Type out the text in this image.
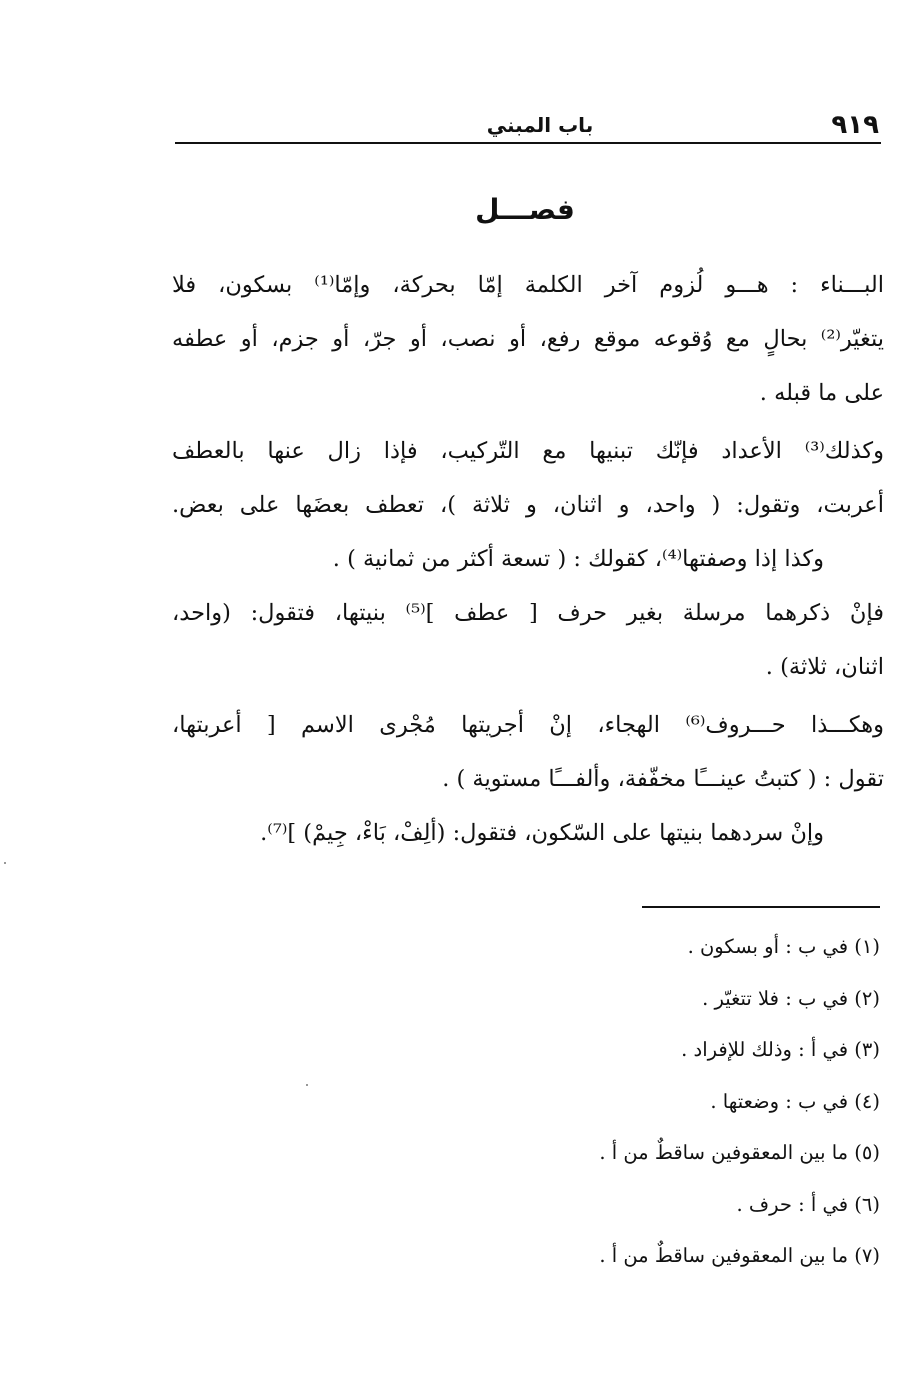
٩١٩
باب المبني
فصـــل
البـــناء : هـــو لُزوم آخر الكلمة إمّا بحركة، وإمّا⁽¹⁾ بسكون، فلا
يتغيّر⁽²⁾ بحالٍ مع وُقوعه موقع رفع، أو نصب، أو جرّ، أو جزم، أو عطفه
على ما قبله .
وكذلك⁽³⁾ الأعداد فإنّك تبنيها مع التّركيب، فإذا زال عنها بالعطف
أعربت، وتقول: ( واحد، و اثنان، و ثلاثة )، تعطف بعضَها على بعض.
وكذا إذا وصفتها⁽⁴⁾، كقولك : ( تسعة أكثر من ثمانية ) .
فإنْ ذكرهما مرسلة بغير حرف [ عطف ]⁽⁵⁾ بنيتها، فتقول: (واحد،
اثنان، ثلاثة) .
وهكـــذا حـــروف⁽⁶⁾ الهجاء، إنْ أجريتها مُجْرى الاسم [ أعربتها،
تقول : ( كتبتُ عينـــًا مخفّفة، وألفـــًا مستوية ) .
وإنْ سردهما بنيتها على السّكون، فتقول: (ألِفْ، بَاءْ، جِيمْ) ]⁽⁷⁾.
(١) في ب : أو بسكون .
(٢) في ب : فلا تتغيّر .
(٣) في أ : وذلك للإفراد .
(٤) في ب : وضعتها .
(٥) ما بين المعقوفين ساقطٌ من أ .
(٦) في أ : حرف .
(٧) ما بين المعقوفين ساقطٌ من أ .
